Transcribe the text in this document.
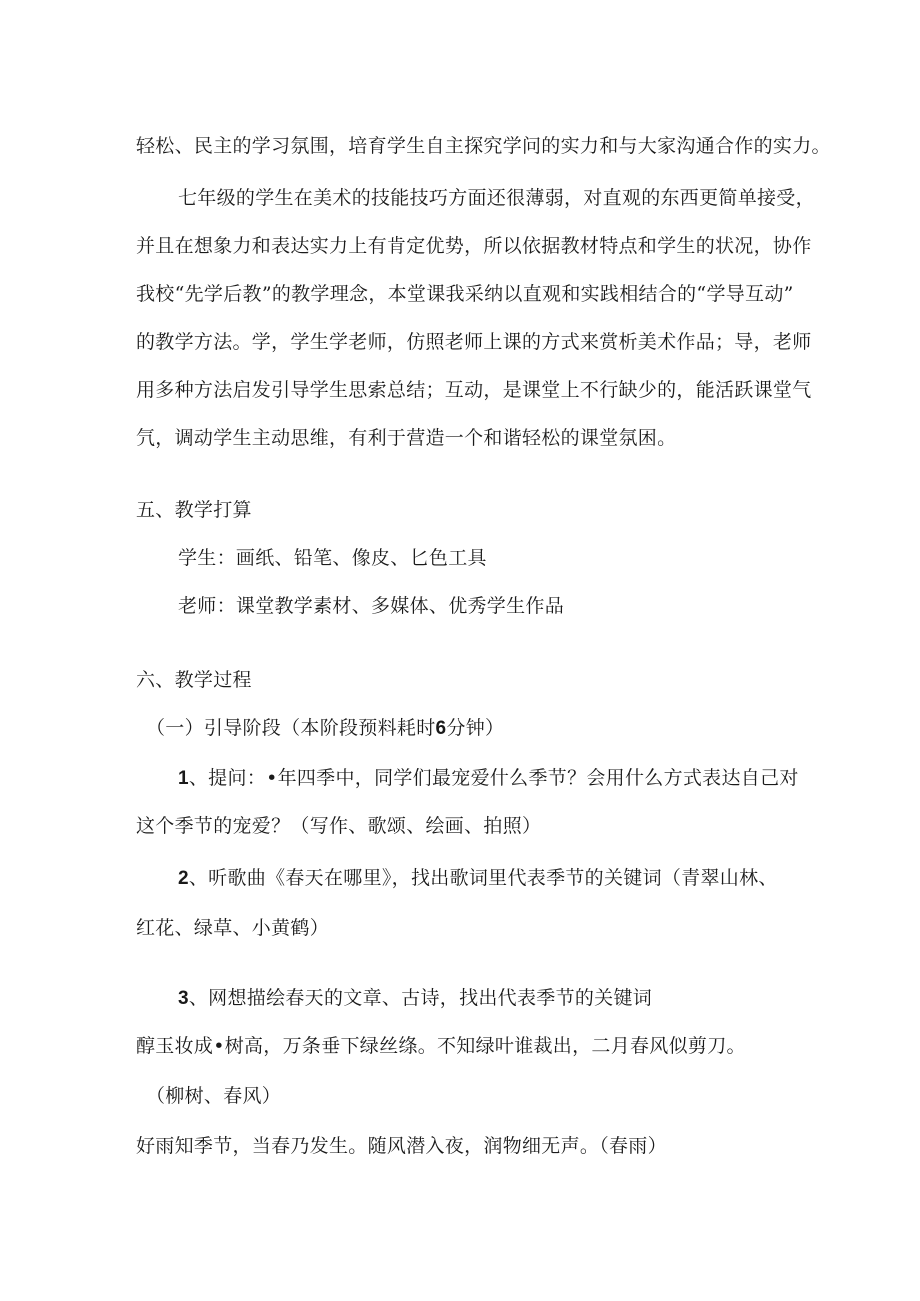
轻松、民主的学习氛围，培育学生自主探究学问的实力和与大家沟通合作的实力。
七年级的学生在美术的技能技巧方面还很薄弱，对直观的东西更简单接受，
并且在想象力和表达实力上有肯定优势，所以依据教材特点和学生的状况，协作
我校“先学后教”的教学理念，本堂课我采纳以直观和实践相结合的“学导互动”
的教学方法。学，学生学老师，仿照老师上课的方式来赏析美术作品；导，老师
用多种方法启发引导学生思索总结；互动，是课堂上不行缺少的，能活跃课堂气
氕，调动学生主动思维，有利于营造一个和谐轻松的课堂氛困。
五、教学打算
学生：画纸、铅笔、像皮、匕色工具
老师：课堂教学素材、多媒体、优秀学生作品
六、教学过程
（一）引导阶段（本阶段预料耗时6分钟）
1、提问：•年四季中，同学们最宠爱什么季节？会用什么方式表达自己对
这个季节的宠爱？（写作、歌颂、绘画、拍照）
2、听歌曲《春天在哪里》，找出歌词里代表季节的关键词（青翠山林、
红花、绿草、小黄鹤）
3、网想描绘春天的文章、古诗，找出代表季节的关键词
醇玉妆成•树高，万条垂下绿丝绦。不知绿叶谁裁出，二月春风似剪刀。
（柳树、春风）
好雨知季节，当春乃发生。随风潜入夜，润物细无声。（春雨）
